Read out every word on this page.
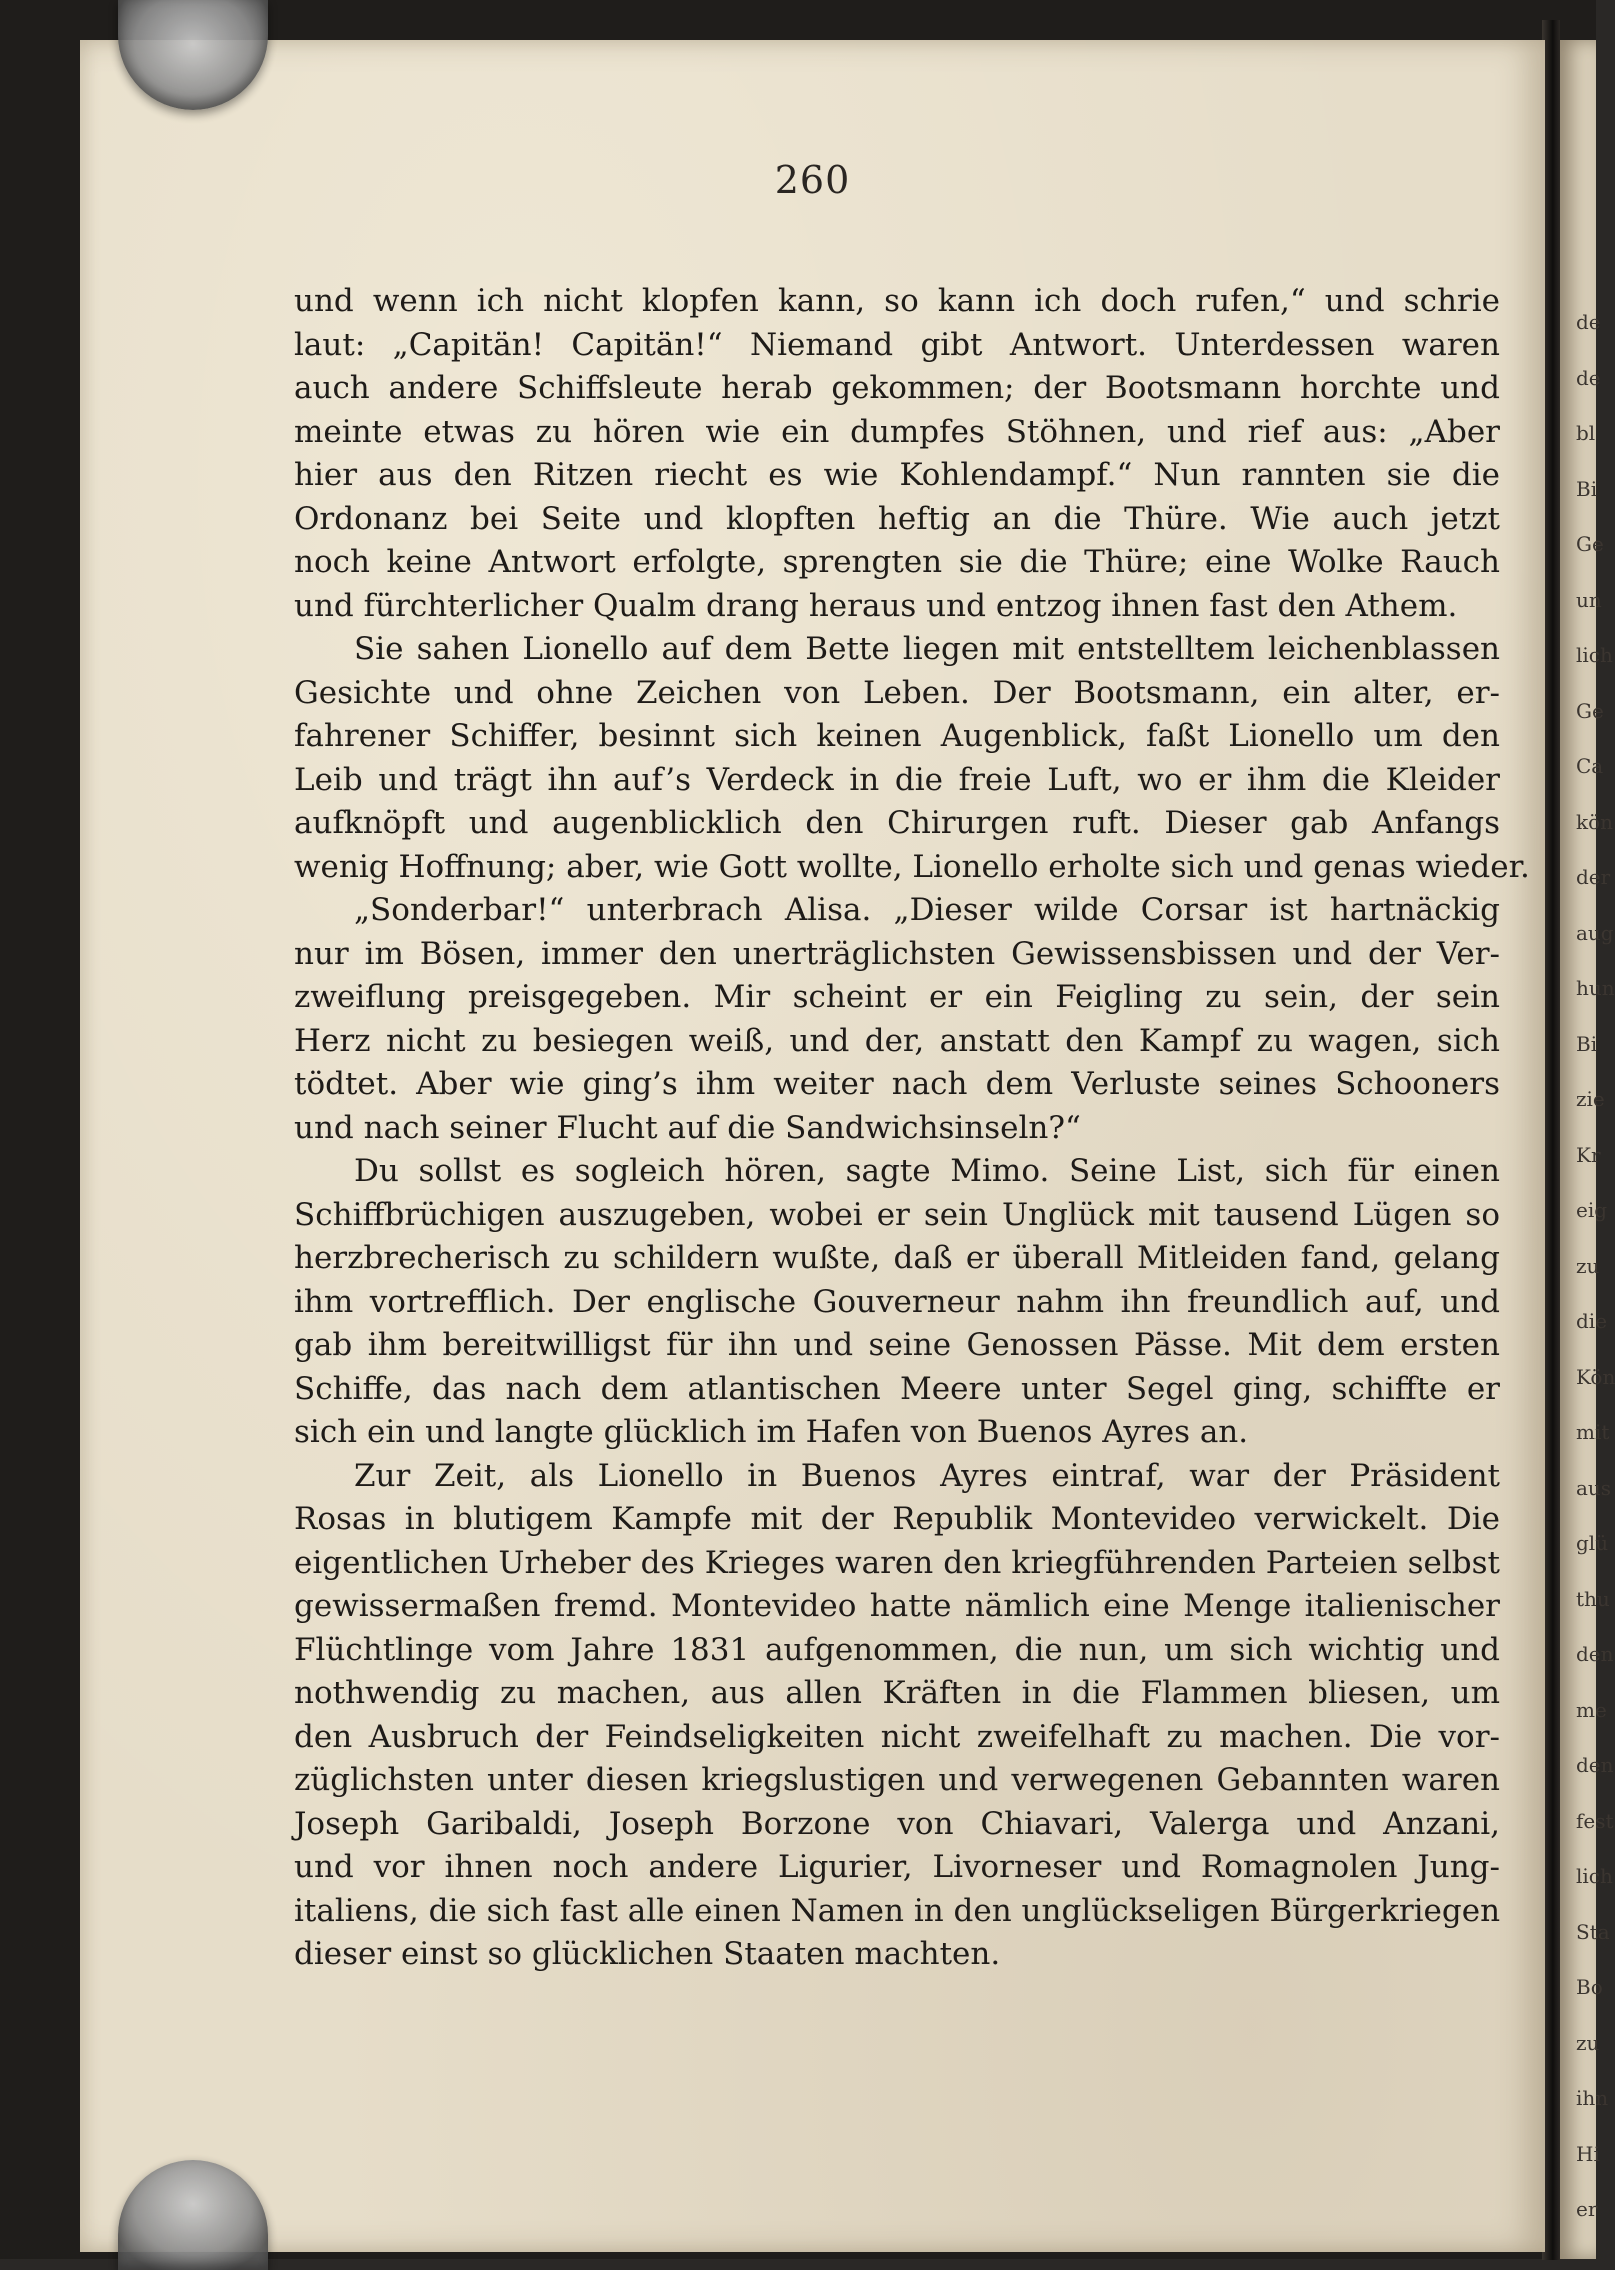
de
de
bl
Bi
Ge
un
lich
Ge
Ca
kön
der
aug
hun
Bi
zie
Kr
eig
zu
die
Kön
mit
aus
glü
thu
den
me
den
fest
lich
Sta
Bo
zu
ihn
Hi
er
260
und wenn ich nicht klopfen kann, so kann ich doch rufen,“ und schrie
laut: „Capitän! Capitän!“ Niemand gibt Antwort. Unterdessen waren
auch andere Schiffsleute herab gekommen; der Bootsmann horchte und
meinte etwas zu hören wie ein dumpfes Stöhnen, und rief aus: „Aber
hier aus den Ritzen riecht es wie Kohlendampf.“ Nun rannten sie die
Ordonanz bei Seite und klopften heftig an die Thüre. Wie auch jetzt
noch keine Antwort erfolgte, sprengten sie die Thüre; eine Wolke Rauch
und fürchterlicher Qualm drang heraus und entzog ihnen fast den Athem.
Sie sahen Lionello auf dem Bette liegen mit entstelltem leichenblassen
Gesichte und ohne Zeichen von Leben. Der Bootsmann, ein alter, er-
fahrener Schiffer, besinnt sich keinen Augenblick, faßt Lionello um den
Leib und trägt ihn auf’s Verdeck in die freie Luft, wo er ihm die Kleider
aufknöpft und augenblicklich den Chirurgen ruft. Dieser gab Anfangs
wenig Hoffnung; aber, wie Gott wollte, Lionello erholte sich und genas wieder.
„Sonderbar!“ unterbrach Alisa. „Dieser wilde Corsar ist hartnäckig
nur im Bösen, immer den unerträglichsten Gewissensbissen und der Ver-
zweiflung preisgegeben. Mir scheint er ein Feigling zu sein, der sein
Herz nicht zu besiegen weiß, und der, anstatt den Kampf zu wagen, sich
tödtet. Aber wie ging’s ihm weiter nach dem Verluste seines Schooners
und nach seiner Flucht auf die Sandwichsinseln?“
Du sollst es sogleich hören, sagte Mimo. Seine List, sich für einen
Schiffbrüchigen auszugeben, wobei er sein Unglück mit tausend Lügen so
herzbrecherisch zu schildern wußte, daß er überall Mitleiden fand, gelang
ihm vortrefflich. Der englische Gouverneur nahm ihn freundlich auf, und
gab ihm bereitwilligst für ihn und seine Genossen Pässe. Mit dem ersten
Schiffe, das nach dem atlantischen Meere unter Segel ging, schiffte er
sich ein und langte glücklich im Hafen von Buenos Ayres an.
Zur Zeit, als Lionello in Buenos Ayres eintraf, war der Präsident
Rosas in blutigem Kampfe mit der Republik Montevideo verwickelt. Die
eigentlichen Urheber des Krieges waren den kriegführenden Parteien selbst
gewissermaßen fremd. Montevideo hatte nämlich eine Menge italienischer
Flüchtlinge vom Jahre 1831 aufgenommen, die nun, um sich wichtig und
nothwendig zu machen, aus allen Kräften in die Flammen bliesen, um
den Ausbruch der Feindseligkeiten nicht zweifelhaft zu machen. Die vor-
züglichsten unter diesen kriegslustigen und verwegenen Gebannten waren
Joseph Garibaldi, Joseph Borzone von Chiavari, Valerga und Anzani,
und vor ihnen noch andere Ligurier, Livorneser und Romagnolen Jung-
italiens, die sich fast alle einen Namen in den unglückseligen Bürgerkriegen
dieser einst so glücklichen Staaten machten.
